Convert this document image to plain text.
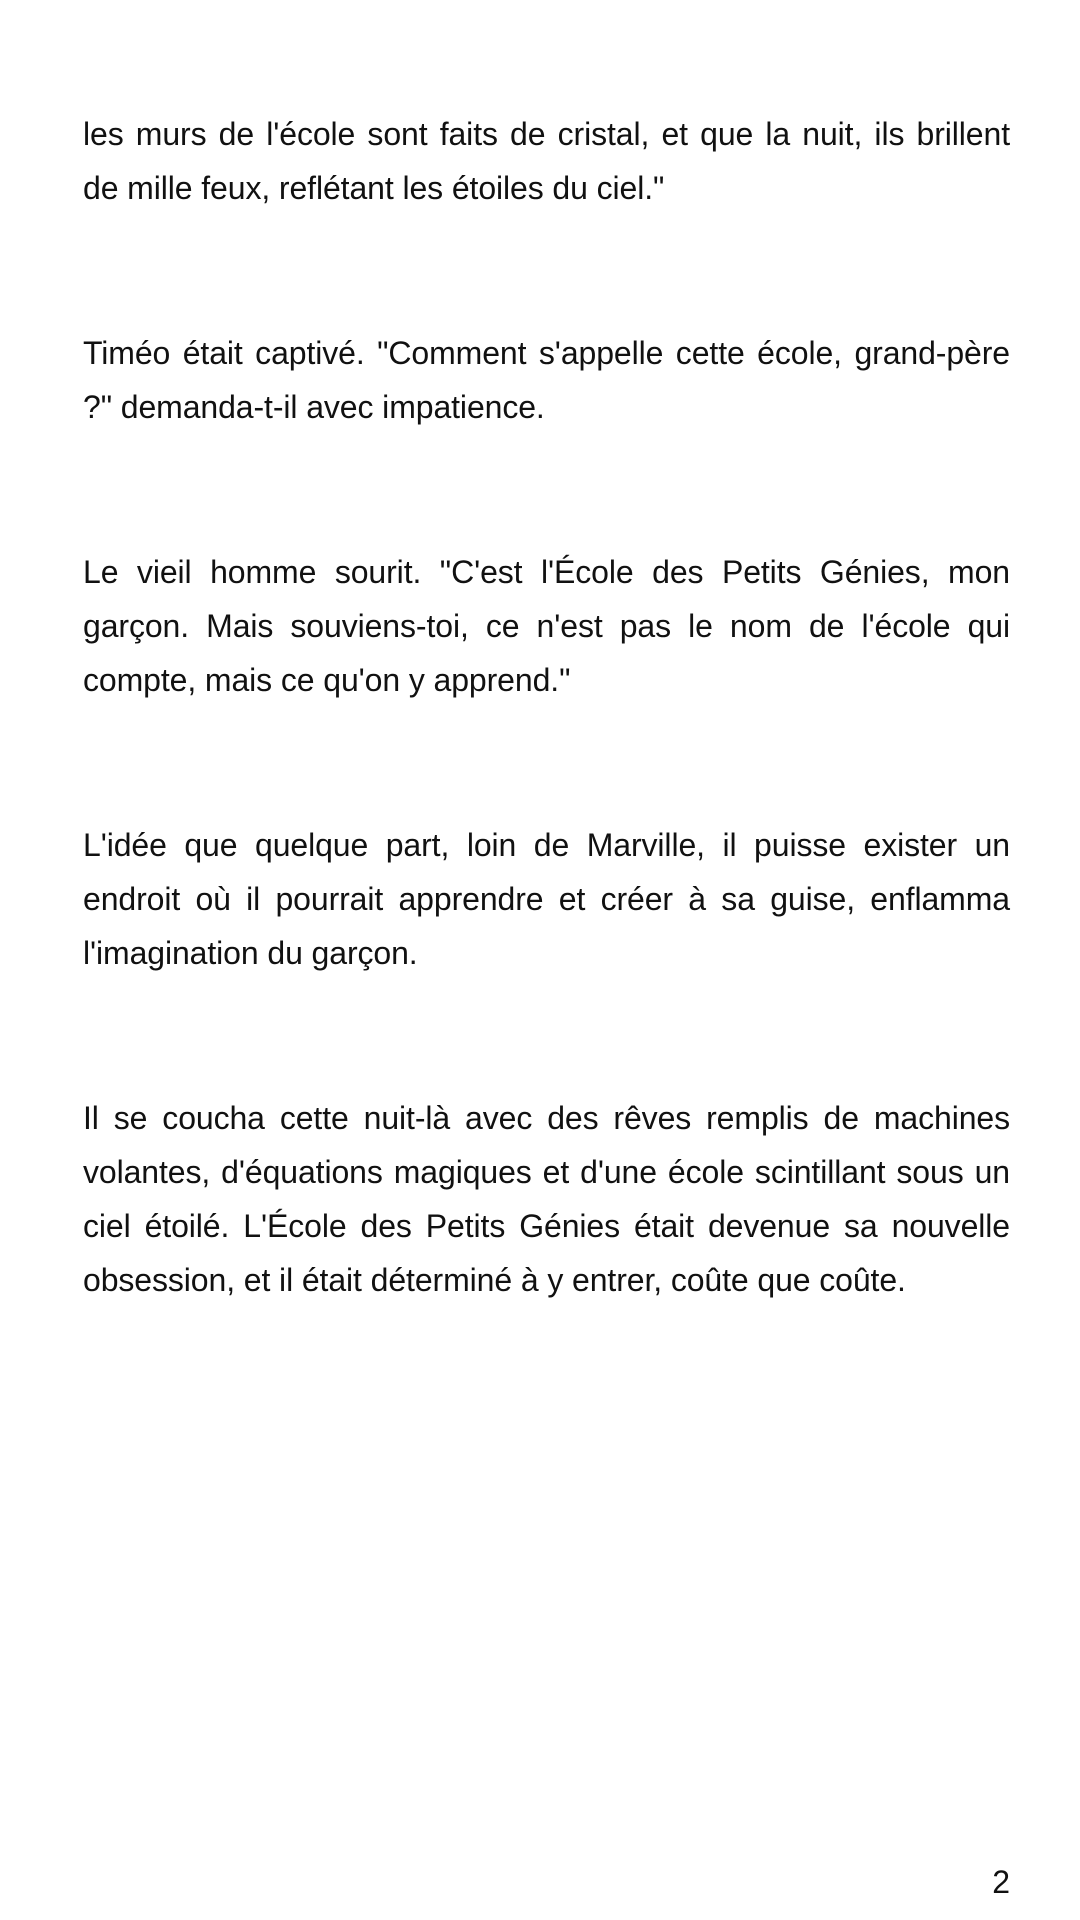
les murs de l'école sont faits de cristal, et que la nuit, ils brillent de mille feux, reflétant les étoiles du ciel."

Timéo était captivé. "Comment s'appelle cette école, grand-père ?" demanda-t-il avec impatience.

Le vieil homme sourit. "C'est l'École des Petits Génies, mon garçon. Mais souviens-toi, ce n'est pas le nom de l'école qui compte, mais ce qu'on y apprend."

L'idée que quelque part, loin de Marville, il puisse exister un endroit où il pourrait apprendre et créer à sa guise, enflamma l'imagination du garçon.

Il se coucha cette nuit-là avec des rêves remplis de machines volantes, d'équations magiques et d'une école scintillant sous un ciel étoilé. L'École des Petits Génies était devenue sa nouvelle obsession, et il était déterminé à y entrer, coûte que coûte.

2
